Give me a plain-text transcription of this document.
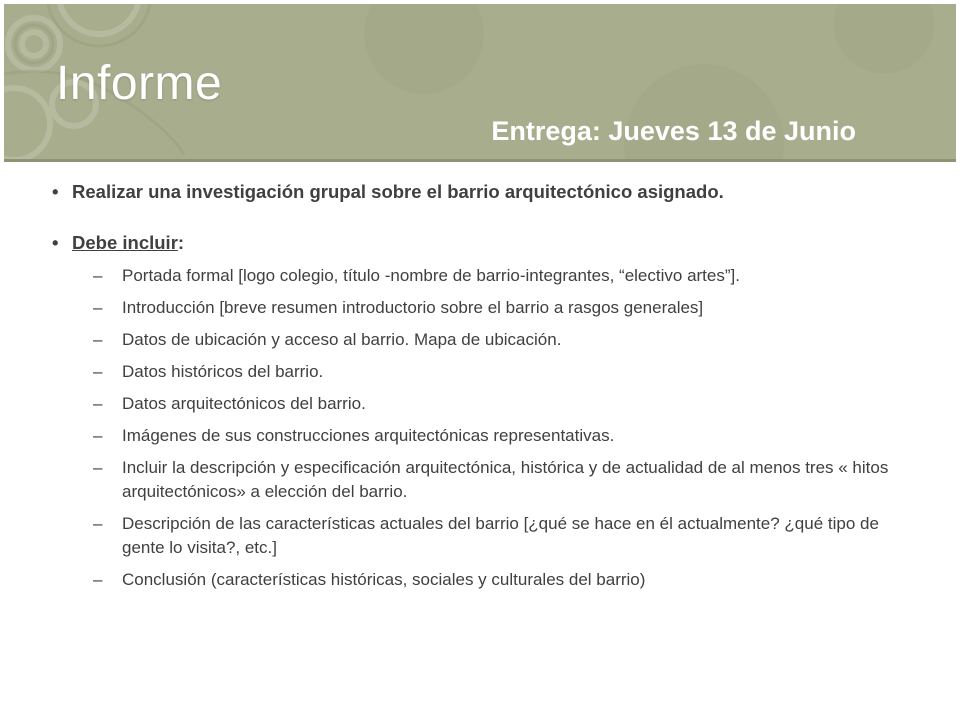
Informe
Entrega: Jueves 13 de Junio
• Realizar una investigación grupal sobre el barrio arquitectónico asignado.
• Debe incluir:
– Portada formal [logo colegio, título -nombre de barrio-integrantes, “electivo artes”].
– Introducción [breve resumen introductorio sobre el barrio a rasgos generales]
– Datos de ubicación y acceso al barrio. Mapa de ubicación.
– Datos históricos del barrio.
– Datos arquitectónicos del barrio.
– Imágenes de sus construcciones arquitectónicas representativas.
– Incluir la descripción y especificación arquitectónica, histórica y de actualidad de al menos tres « hitos arquitectónicos» a elección del barrio.
– Descripción de las características actuales del barrio [¿qué se hace en él actualmente? ¿qué tipo de gente lo visita?, etc.]
– Conclusión (características históricas, sociales y culturales del barrio)
